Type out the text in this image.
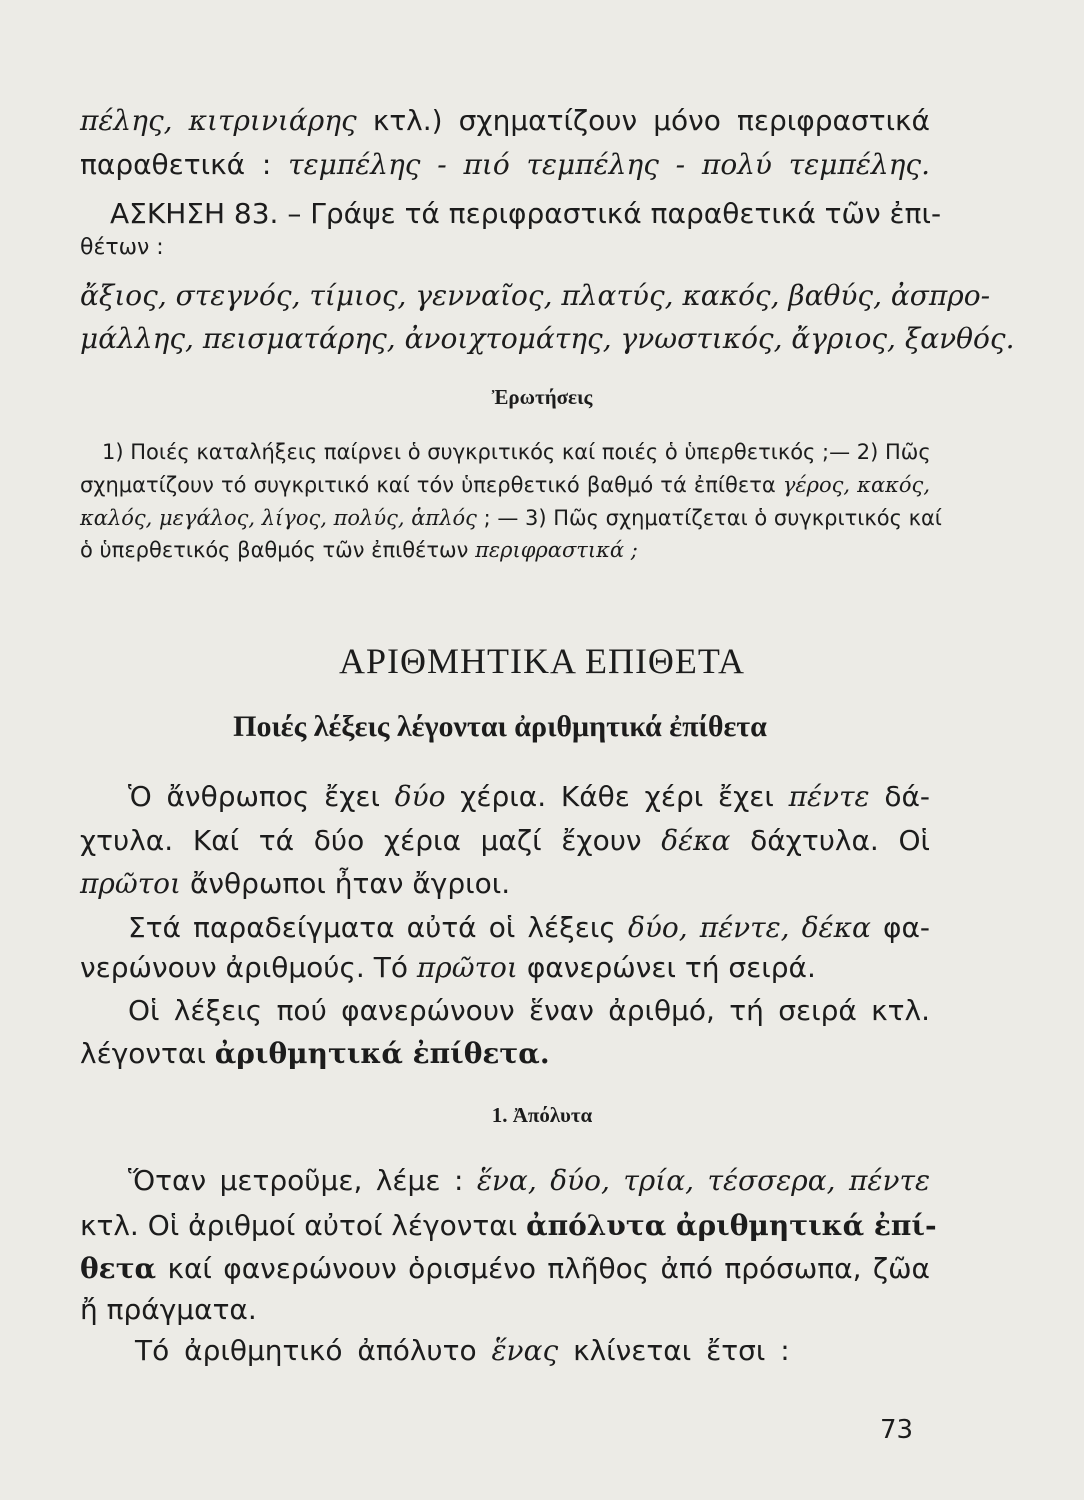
πέλης, κιτρινιάρης κτλ.) σχηματίζουν μόνο περιφραστικά
παραθετικά : τεμπέλης - πιό τεμπέλης - πολύ τεμπέλης.
ΑΣΚΗΣΗ 83. – Γράψε τά περιφραστικά παραθετικά τῶν ἐπι-
θέτων :
ἄξιος, στεγνός, τίμιος, γενναῖος, πλατύς, κακός, βαθύς, ἀσπρο-
μάλλης, πεισματάρης, ἀνοιχτομάτης, γνωστικός, ἄγριος, ξανθός.
Ἐρωτήσεις
1) Ποιές καταλήξεις παίρνει ὁ συγκριτικός καί ποιές ὁ ὑπερθετικός ;— 2) Πῶς
σχηματίζουν τό συγκριτικό καί τόν ὑπερθετικό βαθμό τά ἐπίθετα γέρος, κακός,
καλός, μεγάλος, λίγος, πολύς, ἁπλός ; — 3) Πῶς σχηματίζεται ὁ συγκριτικός καί
ὁ ὑπερθετικός βαθμός τῶν ἐπιθέτων περιφραστικά ;
ΑΡΙΘΜΗΤΙΚΑ ΕΠΙΘΕΤΑ
Ποιές λέξεις λέγονται ἀριθμητικά ἐπίθετα
Ὁ ἄνθρωπος ἔχει δύο χέρια. Κάθε χέρι ἔχει πέντε δά-
χτυλα. Καί τά δύο χέρια μαζί ἔχουν δέκα δάχτυλα. Οἱ
πρῶτοι ἄνθρωποι ἦταν ἄγριοι.
Στά παραδείγματα αὐτά οἱ λέξεις δύο, πέντε, δέκα φα-
νερώνουν ἀριθμούς. Τό πρῶτοι φανερώνει τή σειρά.
Οἱ λέξεις πού φανερώνουν ἕναν ἀριθμό, τή σειρά κτλ.
λέγονται ἀριθμητικά ἐπίθετα.
1. Ἀπόλυτα
Ὅταν μετροῦμε, λέμε : ἕνα, δύο, τρία, τέσσερα, πέντε
κτλ. Οἱ ἀριθμοί αὐτοί λέγονται ἀπόλυτα ἀριθμητικά ἐπί-
θετα καί φανερώνουν ὁρισμένο πλῆθος ἀπό πρόσωπα, ζῶα
ἤ πράγματα.
Τό ἀριθμητικό ἀπόλυτο ἕνας κλίνεται ἔτσι :
73
